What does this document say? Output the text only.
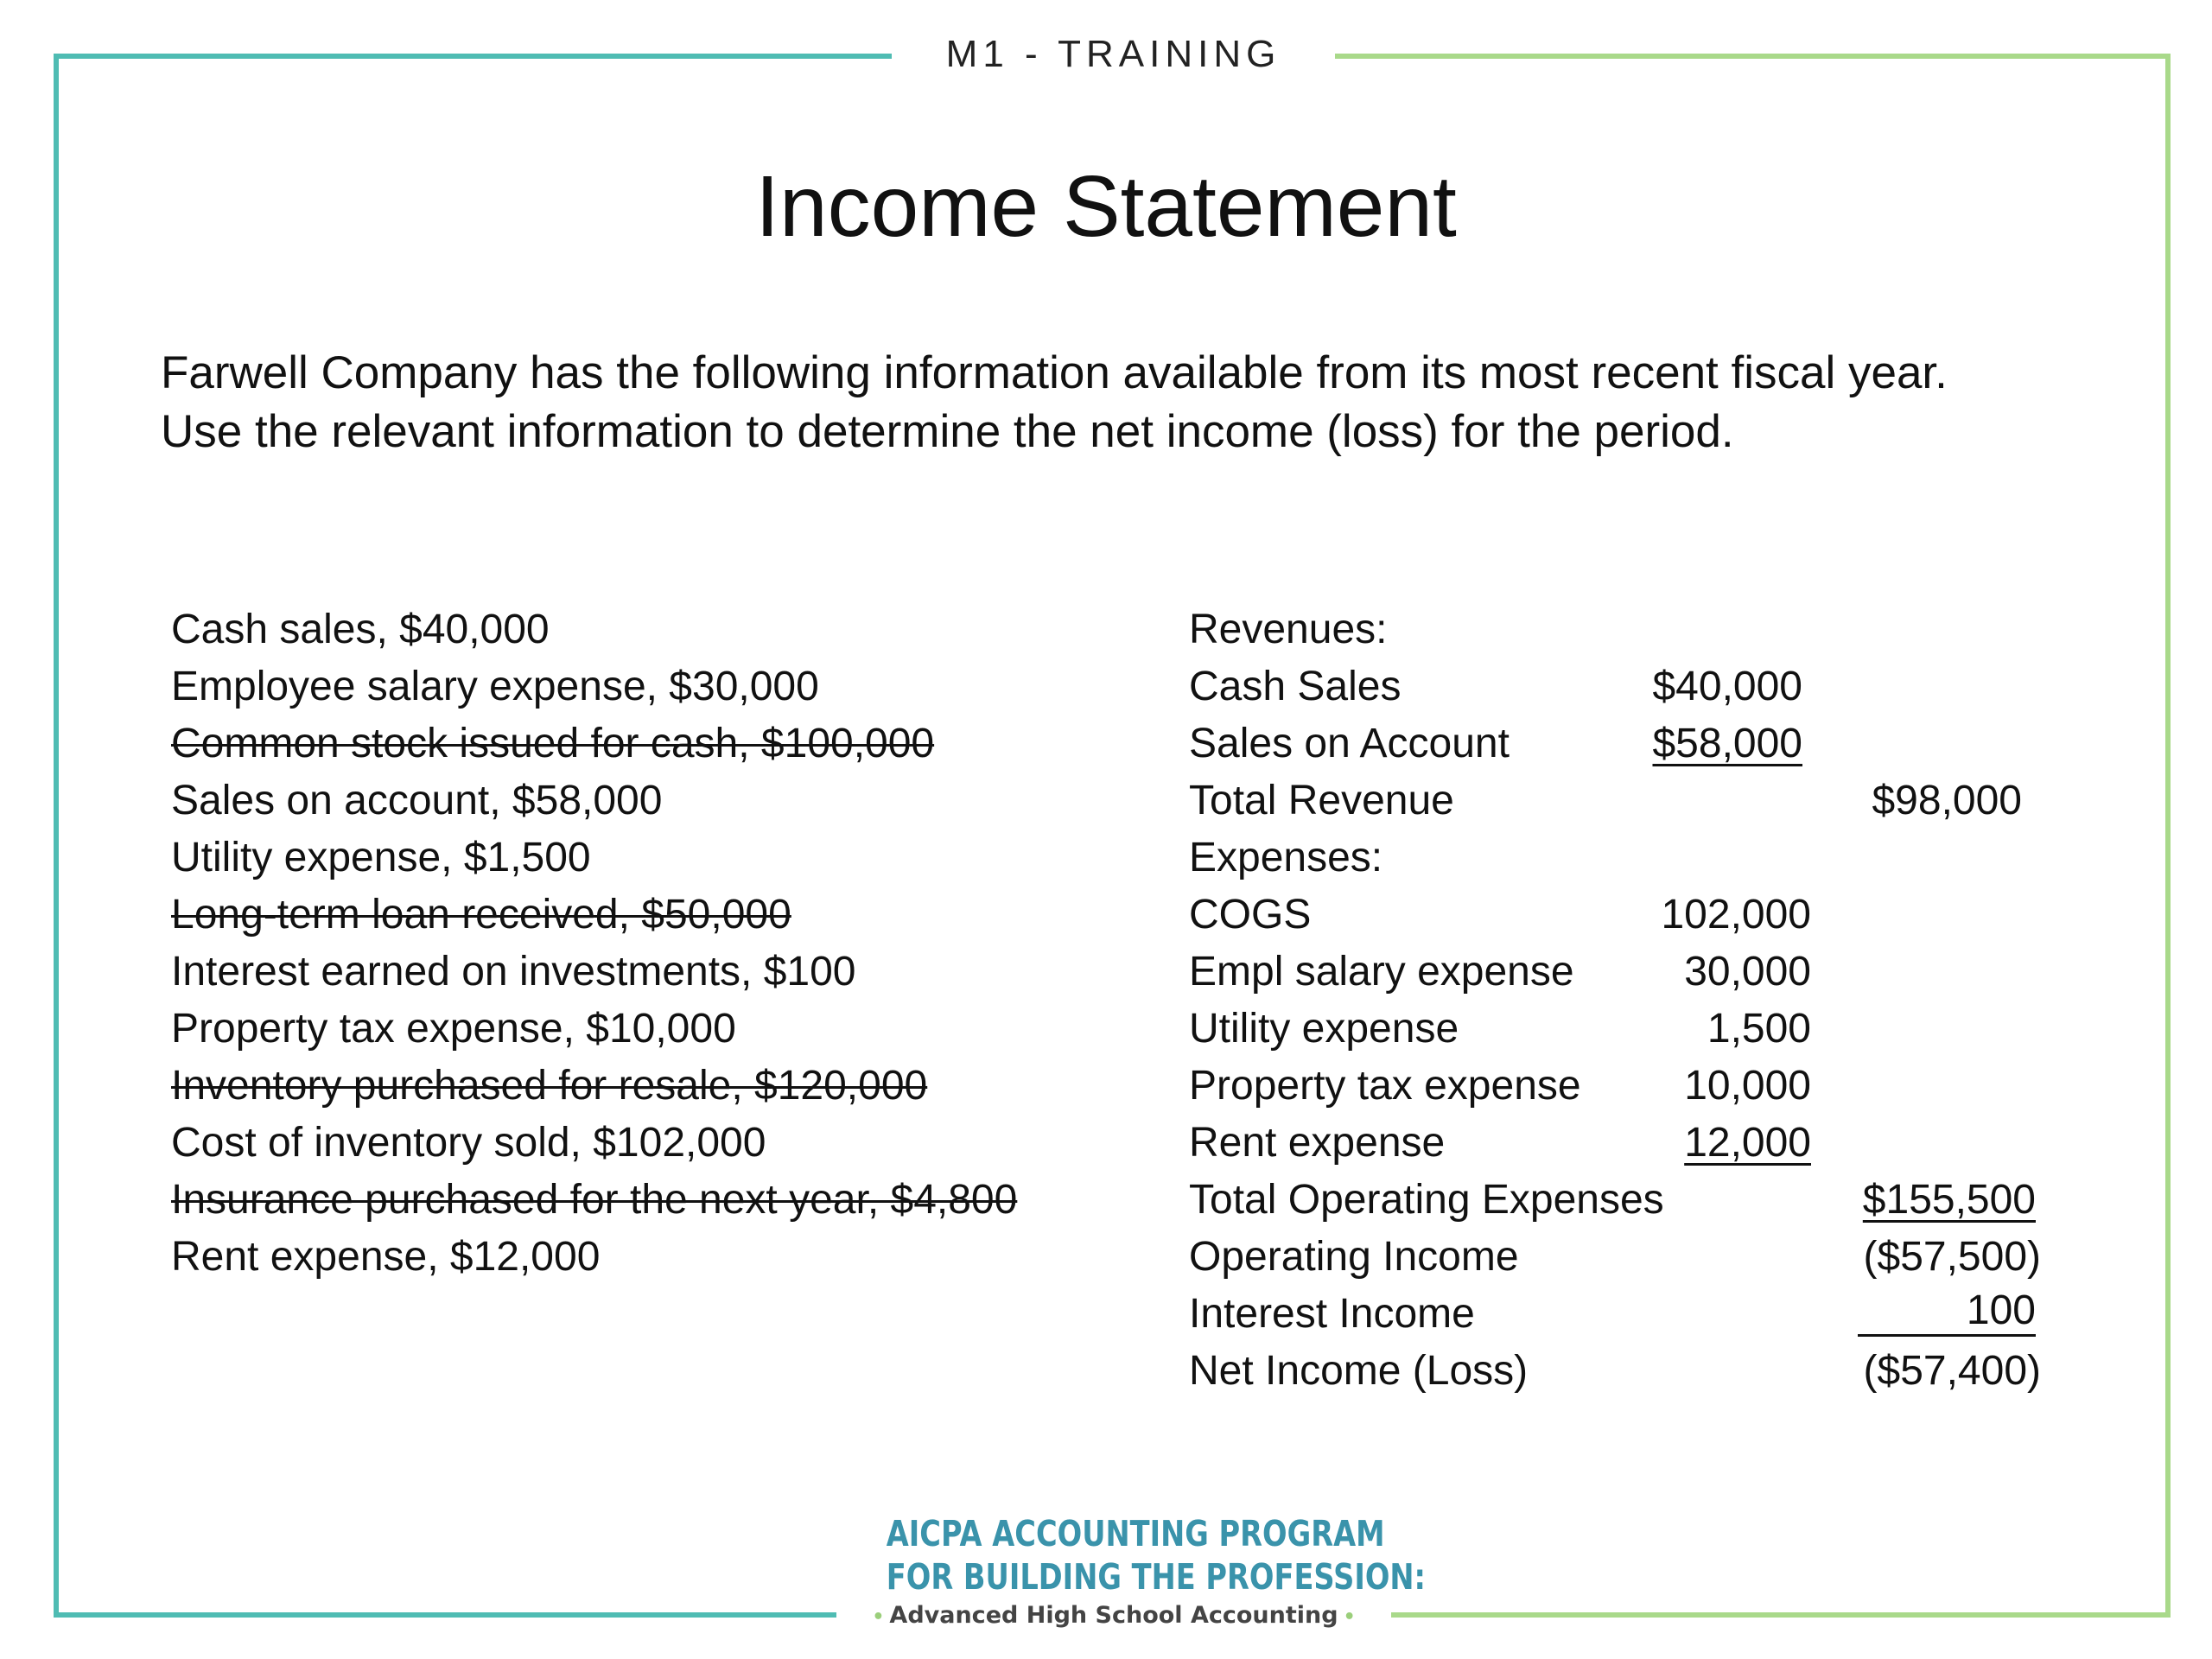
M1 - TRAINING
Income Statement
Farwell Company has the following information available from its most recent fiscal year.
Use the relevant information to determine the net income (loss) for the period.
Cash sales, $40,000
Employee salary expense, $30,000
Common stock issued for cash, $100,000
Sales on account, $58,000
Utility expense, $1,500
Long-term loan received, $50,000
Interest earned on investments, $100
Property tax expense, $10,000
Inventory purchased for resale, $120,000
Cost of inventory sold, $102,000
Insurance purchased for the next year, $4,800
Rent expense, $12,000
Revenues:
Cash Sales	$40,000
Sales on Account	$58,000
Total Revenue	$98,000
Expenses:
COGS	102,000
Empl salary expense	30,000
Utility expense	1,500
Property tax expense 10,000
Rent expense	12,000
Total Operating Expenses	$155,500
Operating Income	($57,500)
Interest Income	100
Net Income (Loss)	($57,400)
AICPA ACCOUNTING PROGRAM
FOR BUILDING THE PROFESSION:
• Advanced High School Accounting •
